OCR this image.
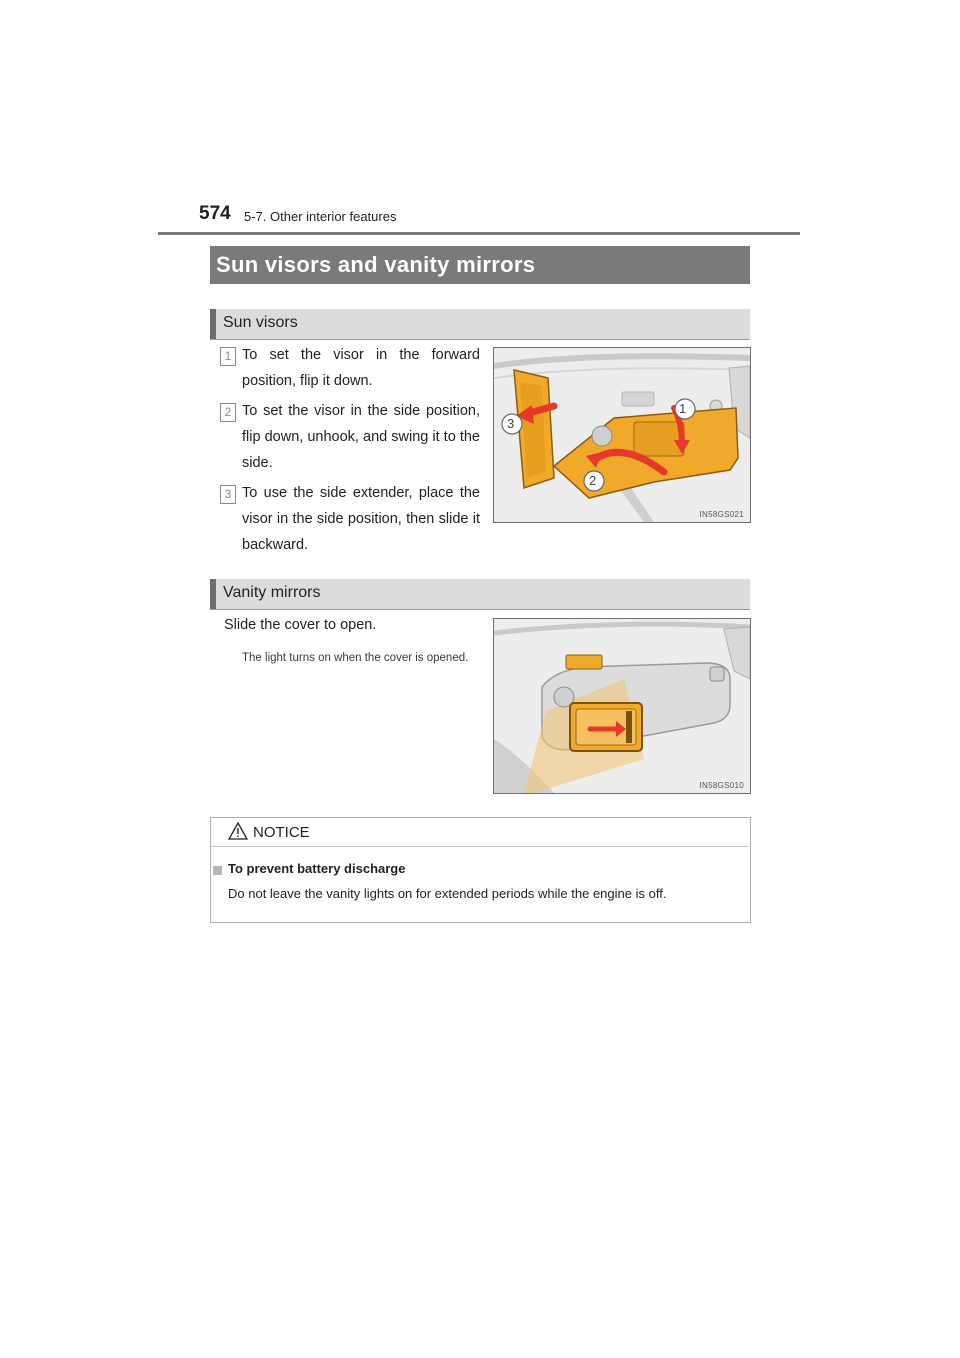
574 5-7. Other interior features
Sun visors and vanity mirrors
Sun visors
1 To set the visor in the forward position, flip it down.
2 To set the visor in the side position, flip down, unhook, and swing it to the side.
3 To use the side extender, place the visor in the side position, then slide it backward.
1
3
2
IN58GS021
Vanity mirrors
Slide the cover to open.
The light turns on when the cover is opened.
IN58GS010
NOTICE
To prevent battery discharge
Do not leave the vanity lights on for extended periods while the engine is off.
